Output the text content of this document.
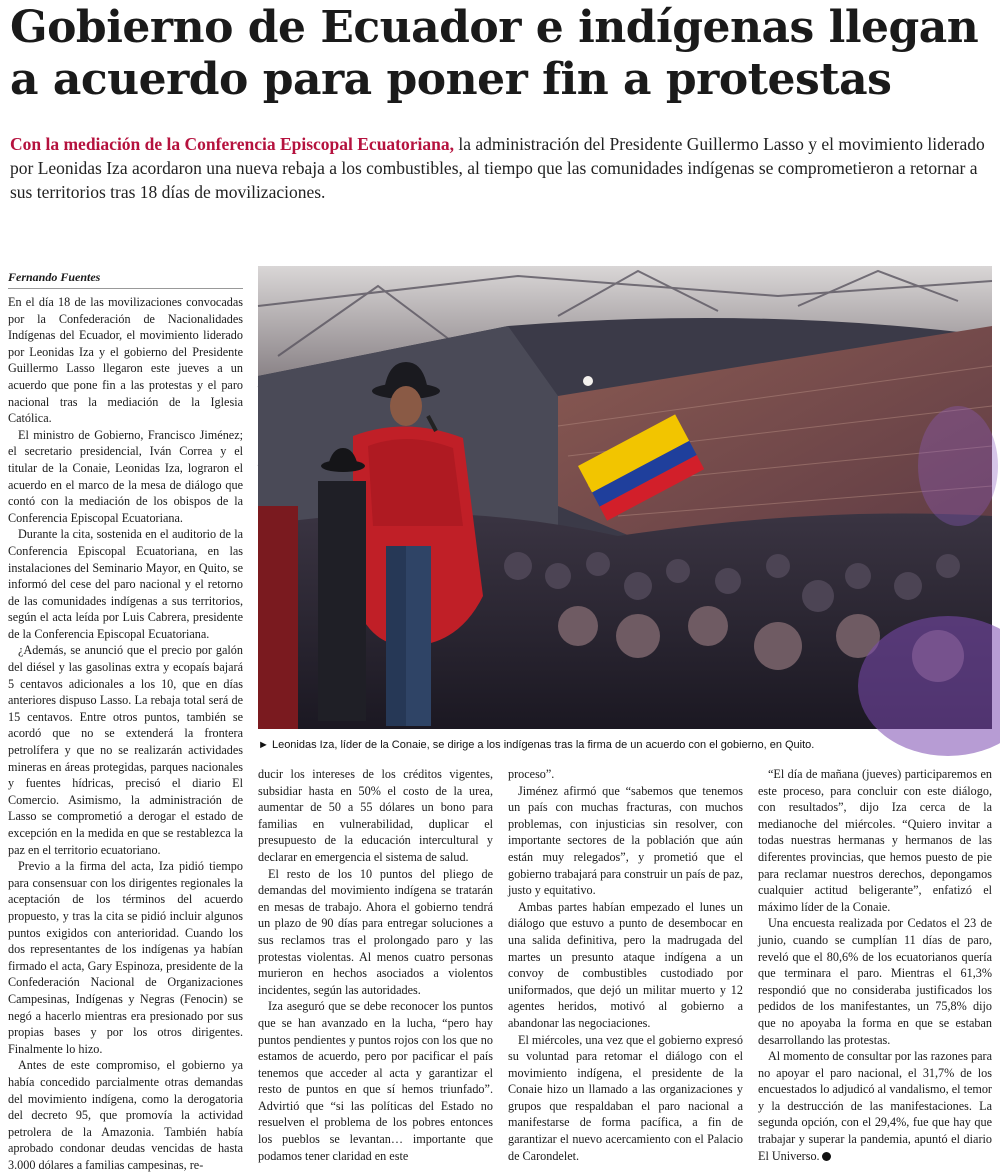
Gobierno de Ecuador e indígenas llegan
a acuerdo para poner fin a protestas

Con la mediación de la Conferencia Episcopal Ecuatoriana, la administración del Presidente Guillermo Lasso y el movimiento liderado por Leonidas Iza acordaron una nueva rebaja a los combustibles, al tiempo que las comunidades indígenas se comprometieron a retornar a sus territorios tras 18 días de movilizaciones.

Fernando Fuentes

En el día 18 de las movilizaciones convocadas por la Confederación de Nacionalidades Indígenas del Ecuador, el movimiento liderado por Leonidas Iza y el gobierno del Presidente Guillermo Lasso llegaron este jueves a un acuerdo que pone fin a las protestas y el paro nacional tras la mediación de la Iglesia Católica.

El ministro de Gobierno, Francisco Jiménez; el secretario presidencial, Iván Correa y el titular de la Conaie, Leonidas Iza, lograron el acuerdo en el marco de la mesa de diálogo que contó con la mediación de los obispos de la Conferencia Episcopal Ecuatoriana.

Durante la cita, sostenida en el auditorio de la Conferencia Episcopal Ecuatoriana, en las instalaciones del Seminario Mayor, en Quito, se informó del cese del paro nacional y el retorno de las comunidades indígenas a sus territorios, según el acta leída por Luis Cabrera, presidente de la Conferencia Episcopal Ecuatoriana.

¿Además, se anunció que el precio por galón del diésel y las gasolinas extra y ecopaís bajará 5 centavos adicionales a los 10, que en días anteriores dispuso Lasso. La rebaja total será de 15 centavos. Entre otros puntos, también se acordó que no se extenderá la frontera petrolífera y que no se realizarán actividades mineras en áreas protegidas, parques nacionales y fuentes hídricas, precisó el diario El Comercio. Asimismo, la administración de Lasso se comprometió a derogar el estado de excepción en la medida en que se restablezca la paz en el territorio ecuatoriano.

Previo a la firma del acta, Iza pidió tiempo para consensuar con los dirigentes regionales la aceptación de los términos del acuerdo propuesto, y tras la cita se pidió incluir algunos puntos exigidos con anterioridad. Cuando los dos representantes de los indígenas ya habían firmado el acta, Gary Espinoza, presidente de la Confederación Nacional de Organizaciones Campesinas, Indígenas y Negras (Fenocin) se negó a hacerlo mientras era presionado por sus propias bases y por los otros dirigentes. Finalmente lo hizo.

Antes de este compromiso, el gobierno ya había concedido parcialmente otras demandas del movimiento indígena, como la derogatoria del decreto 95, que promovía la actividad petrolera de la Amazonia. También había aprobado condonar deudas vencidas de hasta 3.000 dólares a familias campesinas, re-

► Leonidas Iza, líder de la Conaie, se dirige a los indígenas tras la firma de un acuerdo con el gobierno, en Quito.

ducir los intereses de los créditos vigentes, subsidiar hasta en 50% el costo de la urea, aumentar de 50 a 55 dólares un bono para familias en vulnerabilidad, duplicar el presupuesto de la educación intercultural y declarar en emergencia el sistema de salud.

El resto de los 10 puntos del pliego de demandas del movimiento indígena se tratarán en mesas de trabajo. Ahora el gobierno tendrá un plazo de 90 días para entregar soluciones a sus reclamos tras el prolongado paro y las protestas violentas. Al menos cuatro personas murieron en hechos asociados a violentos incidentes, según las autoridades.

Iza aseguró que se debe reconocer los puntos que se han avanzado en la lucha, “pero hay puntos pendientes y puntos rojos con los que no estamos de acuerdo, pero por pacificar el país tenemos que acceder al acta y garantizar el resto de puntos en que sí hemos triunfado”. Advirtió que “si las políticas del Estado no resuelven el problema de los pobres entonces los pueblos se levantan… importante que podamos tener claridad en este

proceso”.

Jiménez afirmó que “sabemos que tenemos un país con muchas fracturas, con muchos problemas, con injusticias sin resolver, con importante sectores de la población que aún están muy relegados”, y prometió que el gobierno trabajará para construir un país de paz, justo y equitativo.

Ambas partes habían empezado el lunes un diálogo que estuvo a punto de desembocar en una salida definitiva, pero la madrugada del martes un presunto ataque indígena a un convoy de combustibles custodiado por uniformados, que dejó un militar muerto y 12 agentes heridos, motivó al gobierno a abandonar las negociaciones.

El miércoles, una vez que el gobierno expresó su voluntad para retomar el diálogo con el movimiento indígena, el presidente de la Conaie hizo un llamado a las organizaciones y grupos que respaldaban el paro nacional a manifestarse de forma pacífica, a fin de garantizar el nuevo acercamiento con el Palacio de Carondelet.

“El día de mañana (jueves) participaremos en este proceso, para concluir con este diálogo, con resultados”, dijo Iza cerca de la medianoche del miércoles. “Quiero invitar a todas nuestras hermanas y hermanos de las diferentes provincias, que hemos puesto de pie para reclamar nuestros derechos, depongamos cualquier actitud beligerante”, enfatizó el máximo líder de la Conaie.

Una encuesta realizada por Cedatos el 23 de junio, cuando se cumplían 11 días de paro, reveló que el 80,6% de los ecuatorianos quería que terminara el paro. Mientras el 61,3% respondió que no consideraba justificados los pedidos de los manifestantes, un 75,8% dijo que no apoyaba la forma en que se estaban desarrollando las protestas.

Al momento de consultar por las razones para no apoyar el paro nacional, el 31,7% de los encuestados lo adjudicó al vandalismo, el temor y la destrucción de las manifestaciones. La segunda opción, con el 29,4%, fue que hay que trabajar y superar la pandemia, apuntó el diario El Universo.
